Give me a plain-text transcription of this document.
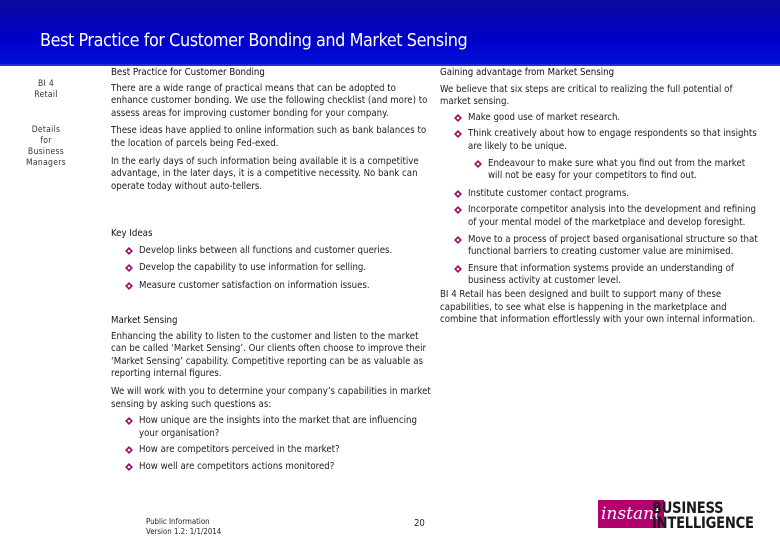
Best Practice for Customer Bonding and Market Sensing
BI 4
Retail
Details
for
Business
Managers

Best Practice for Customer Bonding

There are a wide range of practical means that can be adopted to enhance customer bonding. We use the following checklist (and more) to assess areas for improving customer bonding for your company.

These ideas have applied to online information such as bank balances to the location of parcels being Fed-exed.

In the early days of such information being available it is a competitive advantage, in the later days, it is a competitive necessity. No bank can operate today without auto-tellers.

Key Ideas

Develop links between all functions and customer queries.
Develop the capability to use information for selling.
Measure customer satisfaction on information issues.

Market Sensing

Enhancing the ability to listen to the customer and listen to the market can be called ‘Market Sensing’. Our clients often choose to improve their ‘Market Sensing’ capability. Competitive reporting can be as valuable as reporting internal figures.

We will work with you to determine your company’s capabilities in market sensing by asking such questions as:

How unique are the insights into the market that are influencing your organisation?
How are competitors perceived in the market?
How well are competitors actions monitored?

Gaining advantage from Market Sensing

We believe that six steps are critical to realizing the full potential of market sensing.

Make good use of market research.
Think creatively about how to engage respondents so that insights are likely to be unique.
Endeavour to make sure what you find out from the market will not be easy for your competitors to find out.
Institute customer contact programs.
Incorporate competitor analysis into the development and refining of your mental model of the marketplace and develop foresight.
Move to a process of project based organisational structure so that functional barriers to creating customer value are minimised.
Ensure that information systems provide an understanding of business activity at customer level.

BI 4 Retail has been designed and built to support many of these capabilities, to see what else is happening in the marketplace and combine that information effortlessly with your own internal information.

Public Information
Version 1.2: 1/1/2014
20	instant
BUSINESS
INTELLIGENCE
